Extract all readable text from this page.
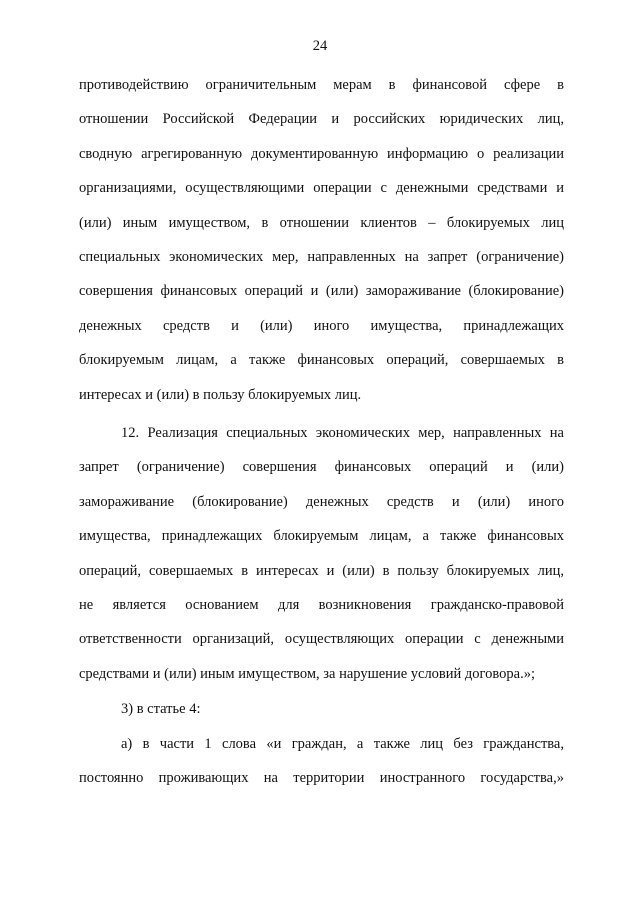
24
противодействию ограничительным мерам в финансовой сфере в
отношении Российской Федерации и российских юридических лиц,
сводную агрегированную документированную информацию о реализации
организациями, осуществляющими операции с денежными средствами и
(или) иным имуществом, в отношении клиентов – блокируемых лиц
специальных экономических мер, направленных на запрет (ограничение)
совершения финансовых операций и (или) замораживание (блокирование)
денежных средств и (или) иного имущества, принадлежащих
блокируемым лицам, а также финансовых операций, совершаемых в
интересах и (или) в пользу блокируемых лиц.
12. Реализация специальных экономических мер, направленных на
запрет (ограничение) совершения финансовых операций и (или)
замораживание (блокирование) денежных средств и (или) иного
имущества, принадлежащих блокируемым лицам, а также финансовых
операций, совершаемых в интересах и (или) в пользу блокируемых лиц,
не является основанием для возникновения гражданско-правовой
ответственности организаций, осуществляющих операции с денежными
средствами и (или) иным имуществом, за нарушение условий договора.»;
3) в статье 4:
а) в части 1 слова «и граждан, а также лиц без гражданства,
постоянно проживающих на территории иностранного государства,»
